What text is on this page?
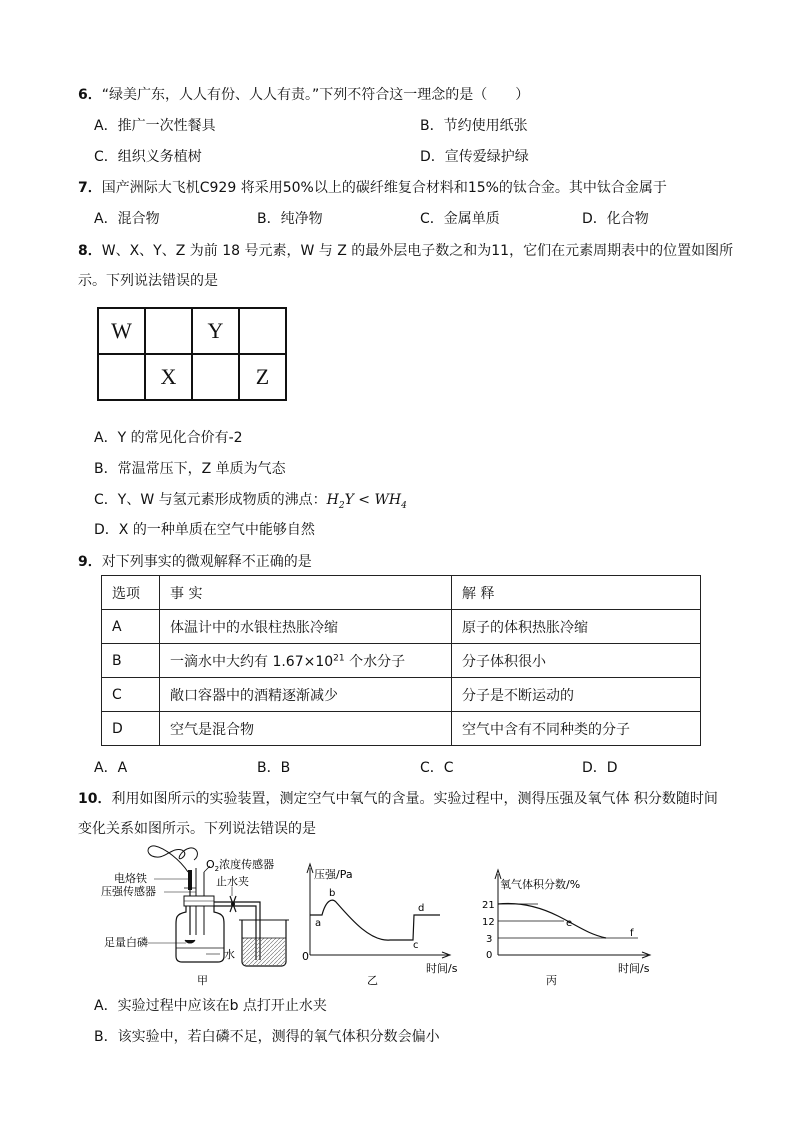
6．“绿美广东，人人有份、人人有责。”下列不符合这一理念的是（　　）
A．推广一次性餐具	B．节约使用纸张
C．组织义务植树	D．宣传爱绿护绿
7．国产洲际大飞机C929 将采用50%以上的碳纤维复合材料和15%的钛合金。其中钛合金属于
A．混合物	B．纯净物	C．金属单质	D．化合物
8．W、X、Y、Z 为前 18 号元素，W 与 Z 的最外层电子数之和为11，它们在元素周期表中的位置如图所
示。下列说法错误的是
W		Y	
	X		Z
A．Y 的常见化合价有-2
B．常温常压下，Z 单质为气态
C．Y、W 与氢元素形成物质的沸点：$H_2Y < WH_4$
D．X 的一种单质在空气中能够自然
9．对下列事实的微观解释不正确的是
选项	事 实	解 释
A	体温计中的水银柱热胀冷缩	原子的体积热胀冷缩
B	一滴水中大约有 $1.67\times 10^{21}$ 个水分子	分子体积很小
C	敞口容器中的酒精逐渐减少	分子是不断运动的
D	空气是混合物	空气中含有不同种类的分子
A．A	B．B	C．C	D．D
10．利用如图所示的实验装置，测定空气中氧气的含量。实验过程中，测得压强及氧气体 积分数随时间
变化关系如图所示。下列说法错误的是
电烙铁
压强传感器
$O_2$浓度传感器
止水夹
足量白磷
水
甲
压强/Pa
0
时间/s
a
b
c
d
乙
21
12
3
0
氧气体积分数/%
时间/s
e
f
丙
A．实验过程中应该在b 点打开止水夹
B．该实验中，若白磷不足，测得的氧气体积分数会偏小
